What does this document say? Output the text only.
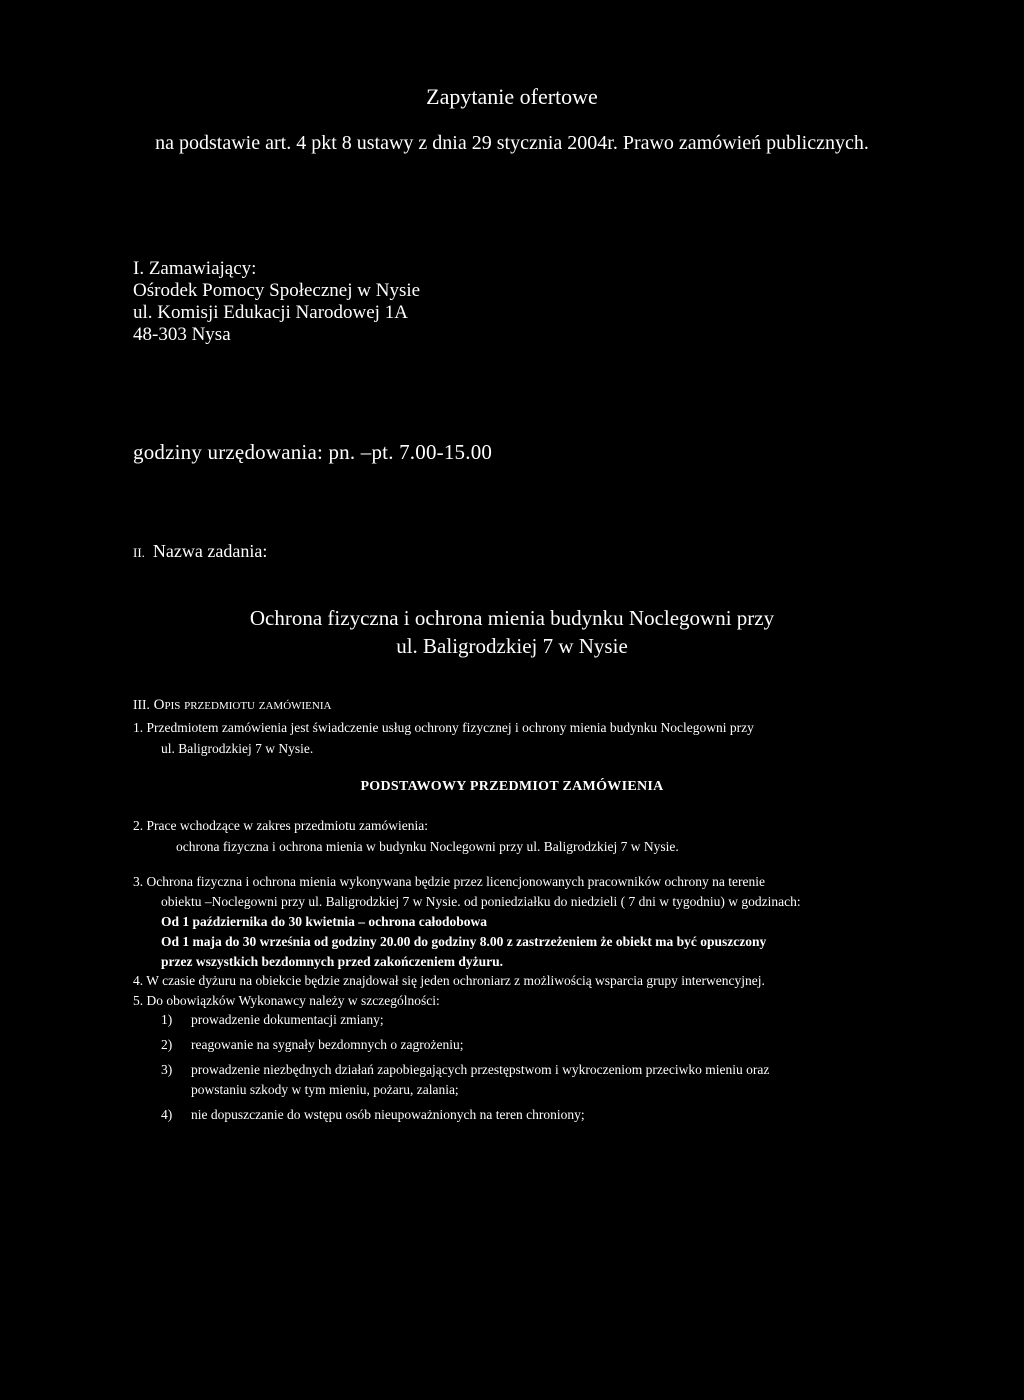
Zapytanie ofertowe
na podstawie art. 4 pkt 8 ustawy z dnia 29 stycznia 2004r. Prawo zamówień publicznych.
I. Zamawiający:
Ośrodek Pomocy Społecznej w Nysie
ul. Komisji Edukacji Narodowej 1A
48-303 Nysa
godziny urzędowania: pn. –pt. 7.00-15.00
II. Nazwa zadania:
Ochrona fizyczna i ochrona mienia budynku Noclegowni przy
ul. Baligrodzkiej 7 w Nysie
III. Opis przedmiotu zamówienia
1. Przedmiotem zamówienia jest świadczenie usług ochrony fizycznej i ochrony mienia budynku Noclegowni przy
ul. Baligrodzkiej 7 w Nysie.
PODSTAWOWY PRZEDMIOT ZAMÓWIENIA
2. Prace wchodzące w zakres przedmiotu zamówienia:
ochrona fizyczna i ochrona mienia w budynku Noclegowni przy ul. Baligrodzkiej 7 w Nysie.
3. Ochrona fizyczna i ochrona mienia wykonywana będzie przez licencjonowanych pracowników ochrony na terenie
obiektu –Noclegowni przy ul. Baligrodzkiej 7 w Nysie. od poniedziałku do niedzieli ( 7 dni w tygodniu) w godzinach:
Od 1 października do 30 kwietnia – ochrona całodobowa
Od 1 maja do 30 września od godziny 20.00 do godziny 8.00 z zastrzeżeniem że obiekt ma być opuszczony
przez wszystkich bezdomnych przed zakończeniem dyżuru.
4. W czasie dyżuru na obiekcie będzie znajdował się jeden ochroniarz z możliwością wsparcia grupy interwencyjnej.
5. Do obowiązków Wykonawcy należy w szczególności:
1) prowadzenie dokumentacji zmiany;
2) reagowanie na sygnały bezdomnych o zagrożeniu;
3) prowadzenie niezbędnych działań zapobiegających przestępstwom i wykroczeniom przeciwko mieniu oraz
powstaniu szkody w tym mieniu, pożaru, zalania;
4) nie dopuszczanie do wstępu osób nieupoważnionych na teren chroniony;
